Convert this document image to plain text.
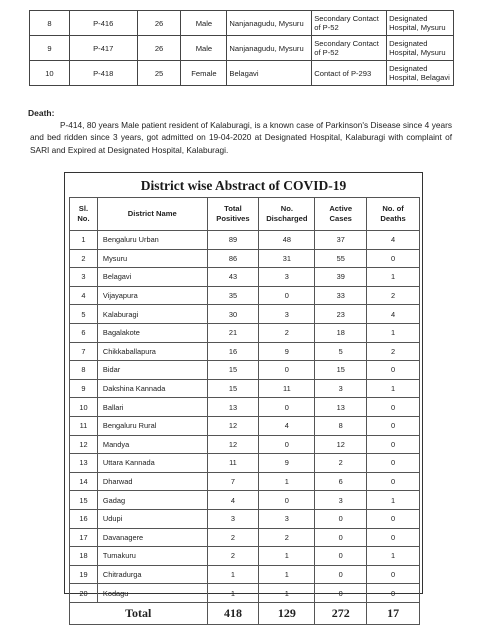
8	P-416	26	Male	Nanjanagudu, Mysuru	Secondary Contact of P-52	Designated Hospital, Mysuru
9	P-417	26	Male	Nanjanagudu, Mysuru	Secondary Contact of P-52	Designated Hospital, Mysuru
10	P-418	25	Female	Belagavi	Contact of P-293	Designated Hospital, Belagavi
Death:
P-414, 80 years Male patient resident of Kalaburagi, is a known case of Parkinson's Disease since 4 years and bed ridden since 3 years, got admitted on 19-04-2020 at Designated Hospital, Kalaburagi with complaint of SARI and Expired at Designated Hospital, Kalaburagi.
District wise Abstract of COVID-19
Sl. No.	District Name	Total Positives	No. Discharged	Active Cases	No. of Deaths
1	Bengaluru Urban	89	48	37	4
2	Mysuru	86	31	55	0
3	Belagavi	43	3	39	1
4	Vijayapura	35	0	33	2
5	Kalaburagi	30	3	23	4
6	Bagalakote	21	2	18	1
7	Chikkaballapura	16	9	5	2
8	Bidar	15	0	15	0
9	Dakshina Kannada	15	11	3	1
10	Ballari	13	0	13	0
11	Bengaluru Rural	12	4	8	0
12	Mandya	12	0	12	0
13	Uttara Kannada	11	9	2	0
14	Dharwad	7	1	6	0
15	Gadag	4	0	3	1
16	Udupi	3	3	0	0
17	Davanagere	2	2	0	0
18	Tumakuru	2	1	0	1
19	Chitradurga	1	1	0	0
20	Kodagu	1	1	0	0
Total		418	129	272	17
